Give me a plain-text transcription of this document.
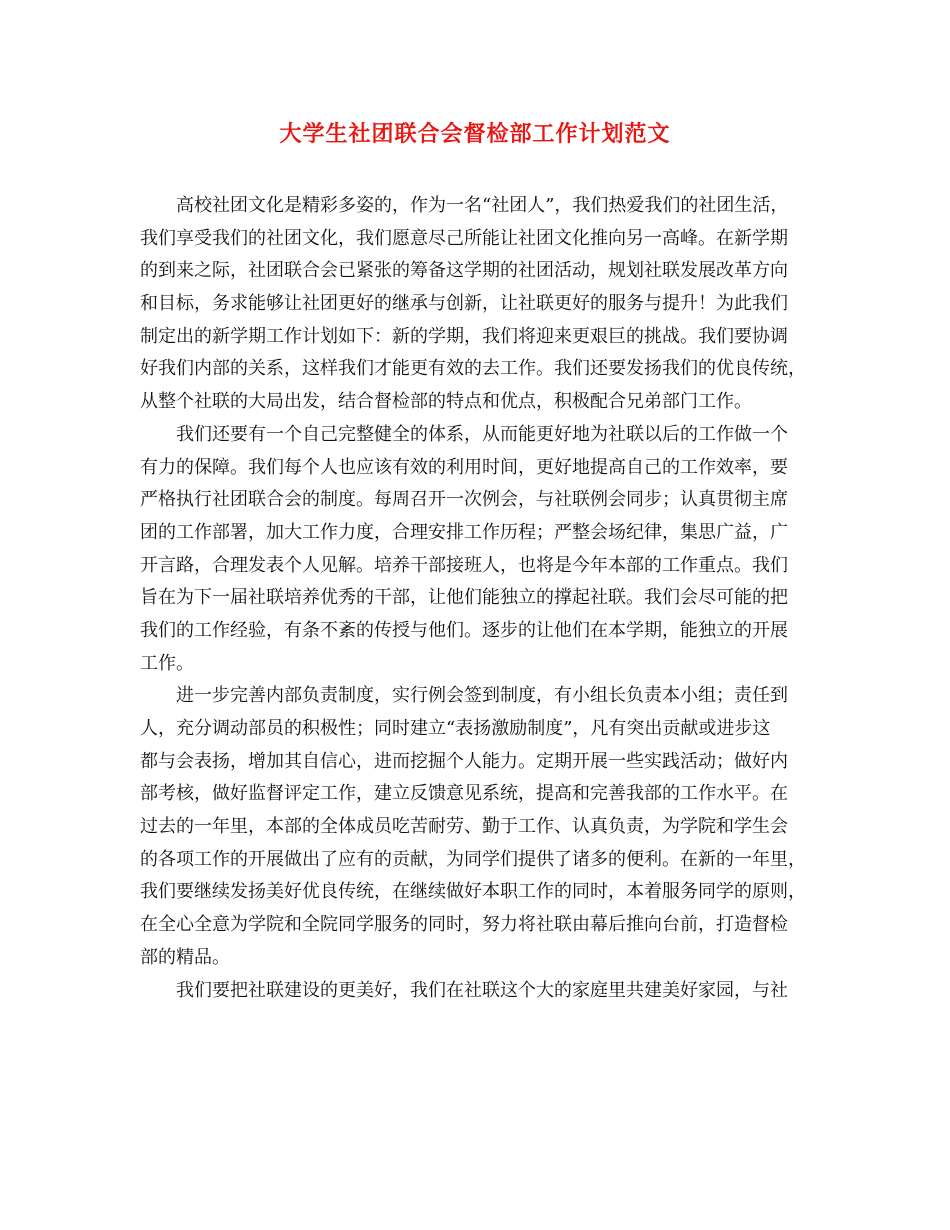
大学生社团联合会督检部工作计划范文
高校社团文化是精彩多姿的，作为一名“社团人”，我们热爱我们的社团生活，
我们享受我们的社团文化，我们愿意尽己所能让社团文化推向另一高峰。在新学期
的到来之际，社团联合会已紧张的筹备这学期的社团活动，规划社联发展改革方向
和目标，务求能够让社团更好的继承与创新，让社联更好的服务与提升！为此我们
制定出的新学期工作计划如下：新的学期，我们将迎来更艰巨的挑战。我们要协调
好我们内部的关系，这样我们才能更有效的去工作。我们还要发扬我们的优良传统，
从整个社联的大局出发，结合督检部的特点和优点，积极配合兄弟部门工作。
我们还要有一个自己完整健全的体系，从而能更好地为社联以后的工作做一个
有力的保障。我们每个人也应该有效的利用时间，更好地提高自己的工作效率，要
严格执行社团联合会的制度。每周召开一次例会，与社联例会同步；认真贯彻主席
团的工作部署，加大工作力度，合理安排工作历程；严整会场纪律，集思广益，广
开言路，合理发表个人见解。培养干部接班人，也将是今年本部的工作重点。我们
旨在为下一届社联培养优秀的干部，让他们能独立的撑起社联。我们会尽可能的把
我们的工作经验，有条不紊的传授与他们。逐步的让他们在本学期，能独立的开展
工作。
进一步完善内部负责制度，实行例会签到制度，有小组长负责本小组；责任到
人，充分调动部员的积极性；同时建立“表扬激励制度”，凡有突出贡献或进步这
都与会表扬，增加其自信心，进而挖掘个人能力。定期开展一些实践活动；做好内
部考核，做好监督评定工作，建立反馈意见系统，提高和完善我部的工作水平。在
过去的一年里，本部的全体成员吃苦耐劳、勤于工作、认真负责，为学院和学生会
的各项工作的开展做出了应有的贡献，为同学们提供了诸多的便利。在新的一年里，
我们要继续发扬美好优良传统，在继续做好本职工作的同时，本着服务同学的原则，
在全心全意为学院和全院同学服务的同时，努力将社联由幕后推向台前，打造督检
部的精品。
我们要把社联建设的更美好，我们在社联这个大的家庭里共建美好家园，与社
